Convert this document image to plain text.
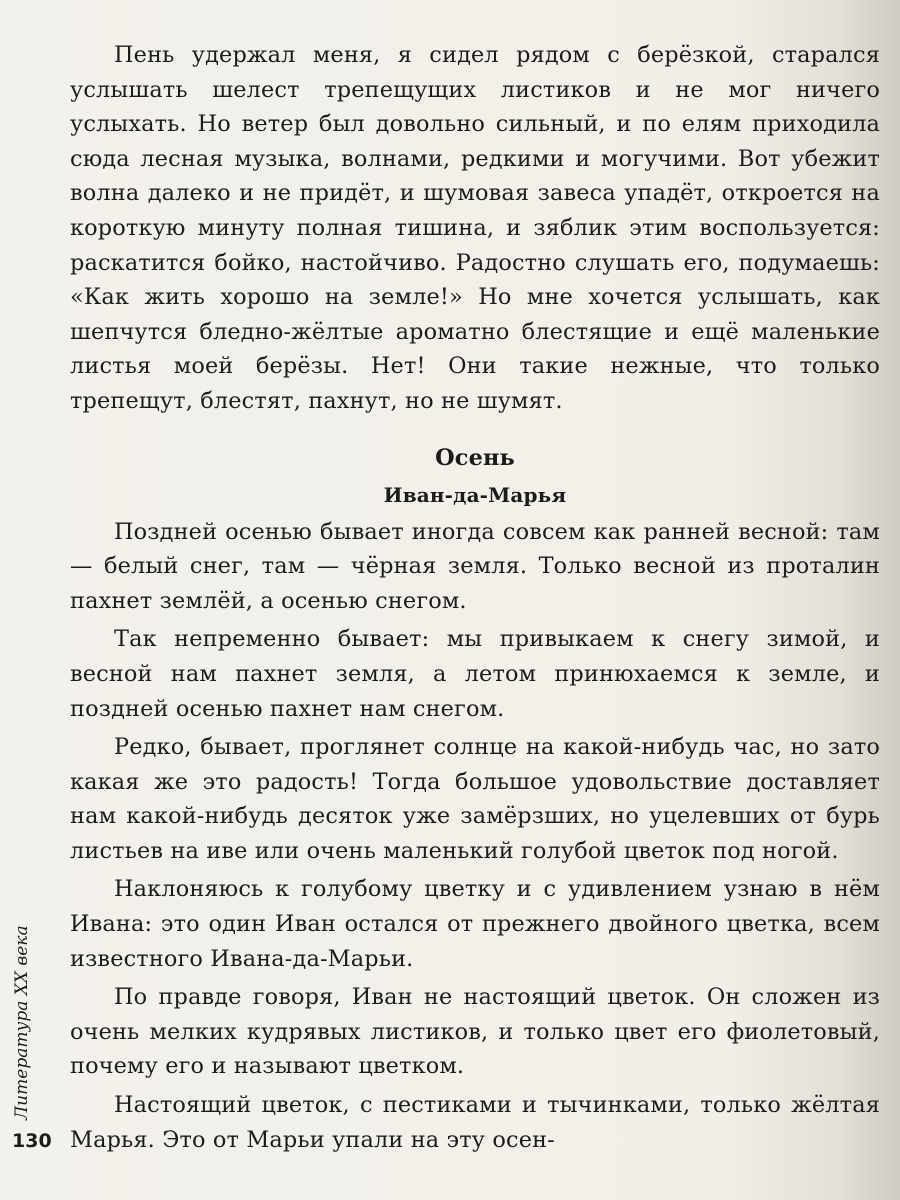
Пень удержал меня, я сидел рядом с берёзкой, старался услышать шелест трепещущих листиков и не мог ничего услыхать. Но ветер был довольно сильный, и по елям приходила сюда лесная музыка, волнами, редкими и могучими. Вот убежит волна далеко и не придёт, и шумовая завеса упадёт, откроется на короткую минуту полная тишина, и зяблик этим воспользуется: раскатится бойко, настойчиво. Радостно слушать его, подумаешь: «Как жить хорошо на земле!» Но мне хочется услышать, как шепчутся бледно-жёлтые ароматно блестящие и ещё маленькие листья моей берёзы. Нет! Они такие нежные, что только трепещут, блестят, пахнут, но не шумят.

Осень
Иван-да-Марья

Поздней осенью бывает иногда совсем как ранней весной: там — белый снег, там — чёрная земля. Только весной из проталин пахнет землёй, а осенью снегом.

Так непременно бывает: мы привыкаем к снегу зимой, и весной нам пахнет земля, а летом принюхаемся к земле, и поздней осенью пахнет нам снегом.

Редко, бывает, проглянет солнце на какой-нибудь час, но зато какая же это радость! Тогда большое удовольствие доставляет нам какой-нибудь десяток уже замёрзших, но уцелевших от бурь листьев на иве или очень маленький голубой цветок под ногой.

Наклоняюсь к голубому цветку и с удивлением узнаю в нём Ивана: это один Иван остался от прежнего двойного цветка, всем известного Ивана-да-Марьи.

По правде говоря, Иван не настоящий цветок. Он сложен из очень мелких кудрявых листиков, и только цвет его фиолетовый, почему его и называют цветком.

Настоящий цветок, с пестиками и тычинками, только жёлтая Марья. Это от Марьи упали на эту осен-

Литература XX века
130
